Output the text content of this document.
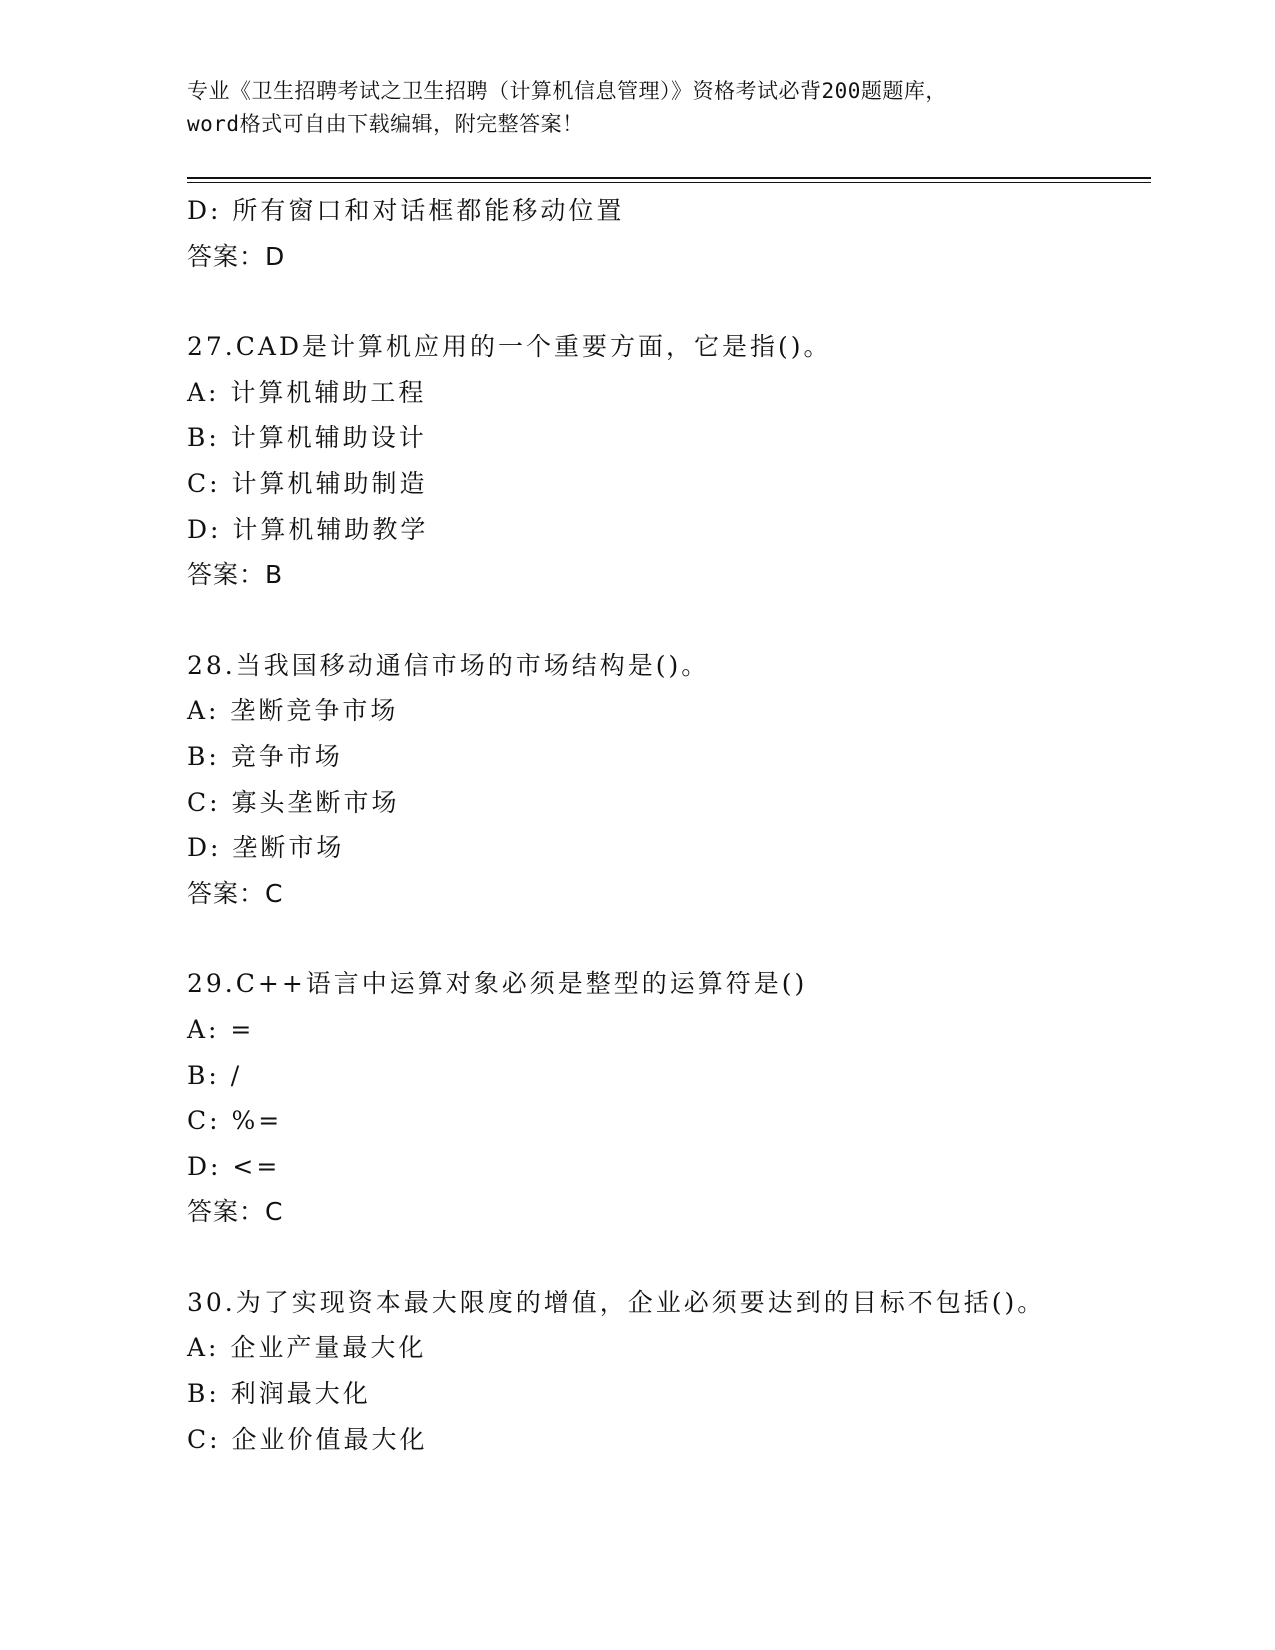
专业《卫生招聘考试之卫生招聘（计算机信息管理）》资格考试必背200题题库，
word格式可自由下载编辑，附完整答案！
D: 所有窗口和对话框都能移动位置
答案：D
27.CAD是计算机应用的一个重要方面，它是指()。
A: 计算机辅助工程
B: 计算机辅助设计
C: 计算机辅助制造
D: 计算机辅助教学
答案：B
28.当我国移动通信市场的市场结构是()。
A: 垄断竞争市场
B: 竞争市场
C: 寡头垄断市场
D: 垄断市场
答案：C
29.C++语言中运算对象必须是整型的运算符是()
A: =
B: /
C: %=
D: <=
答案：C
30.为了实现资本最大限度的增值，企业必须要达到的目标不包括()。
A: 企业产量最大化
B: 利润最大化
C: 企业价值最大化
